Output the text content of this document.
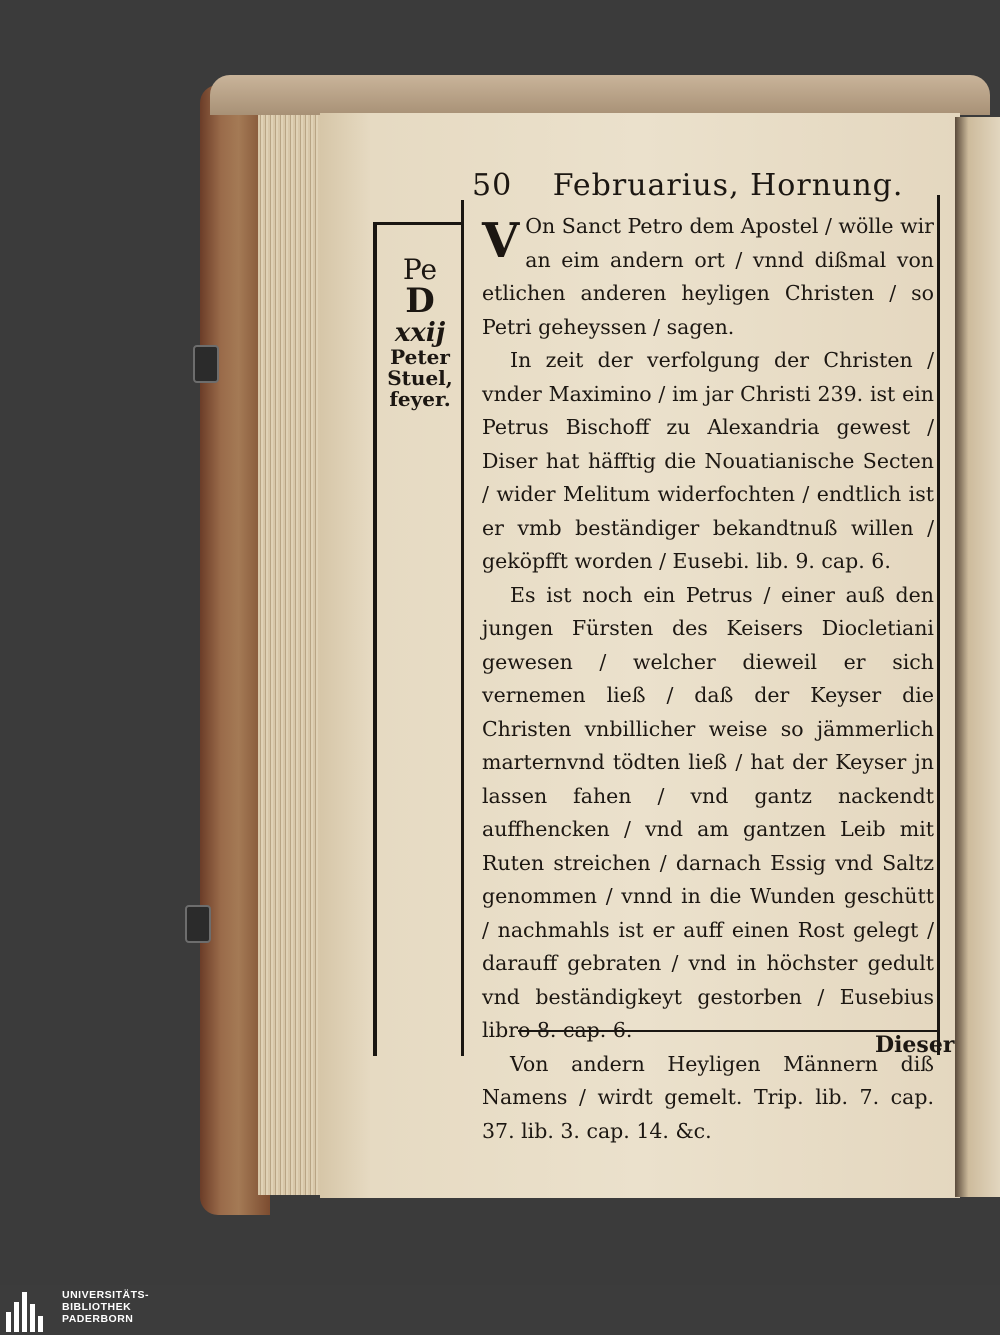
50 Februarius, Hornung.
Pe
D
xxij
Peter
Stuel,
feyer.

V On Sanct Petro dem Apostel / wölle wir an eim andern ort / vnnd dißmal von etlichen anderen heyligen Christen / so Petri geheyssen / sagen.

In zeit der verfolgung der Christen / vnder Maximino / im jar Christi 239. ist ein Petrus Bischoff zu Alexandria gewest / Diser hat häfftig die Nouatianische Secten / wider Melitum widerfochten / endtlich ist er vmb beständiger bekandtnuß willen / geköpfft worden / Eusebi. lib. 9. cap. 6.

Es ist noch ein Petrus / einer auß den jungen Fürsten des Keisers Diocletiani gewesen / welcher dieweil er sich vernemen ließ / daß der Keyser die Christen vnbillicher weise so jämmerlich marternvnd tödten ließ / hat der Keyser jn lassen fahen / vnd gantz nackendt auffhencken / vnd am gantzen Leib mit Ruten streichen / darnach Essig vnd Saltz genommen / vnnd in die Wunden geschütt / nachmahls ist er auff einen Rost gelegt / darauff gebraten / vnd in höchster gedult vnd beständigkeyt gestorben / Eusebius libro 8. cap. 6.

Von andern Heyligen Männern diß Namens / wirdt gemelt. Trip. lib. 7. cap. 37. lib. 3. cap. 14. &c.

Dieser
UNIVERSITÄTS-
BIBLIOTHEK
PADERBORN
